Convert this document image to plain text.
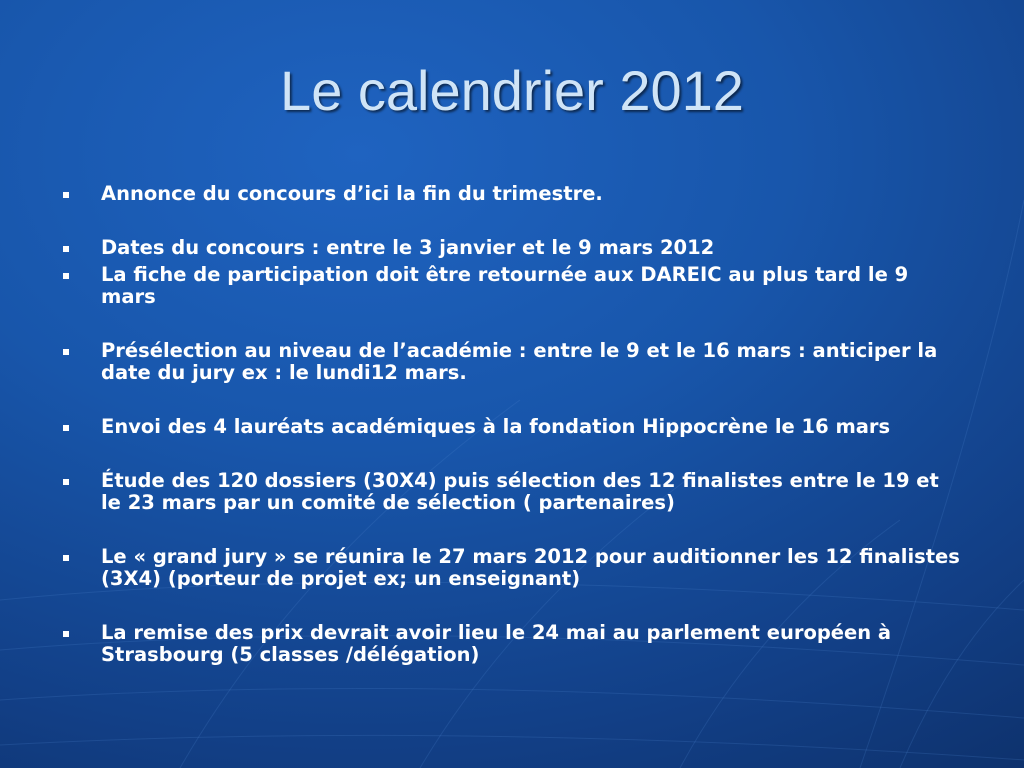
Le calendrier 2012
Annonce du concours d’ici la fin du trimestre.
Dates du concours : entre le 3 janvier et le 9 mars 2012
La fiche de participation doit être retournée aux DAREIC au plus tard le 9 mars
Présélection au niveau de l’académie : entre le 9 et le 16 mars : anticiper la date du jury ex : le lundi12 mars.
Envoi des 4 lauréats académiques à la fondation Hippocrène le 16 mars
Étude des 120 dossiers (30X4) puis sélection des 12 finalistes entre le 19 et le 23 mars par un comité de sélection ( partenaires)
Le « grand jury » se réunira le 27 mars 2012 pour auditionner les 12 finalistes (3X4) (porteur de projet ex; un enseignant)
La remise des prix devrait avoir lieu le 24 mai au parlement européen à Strasbourg (5 classes /délégation)
